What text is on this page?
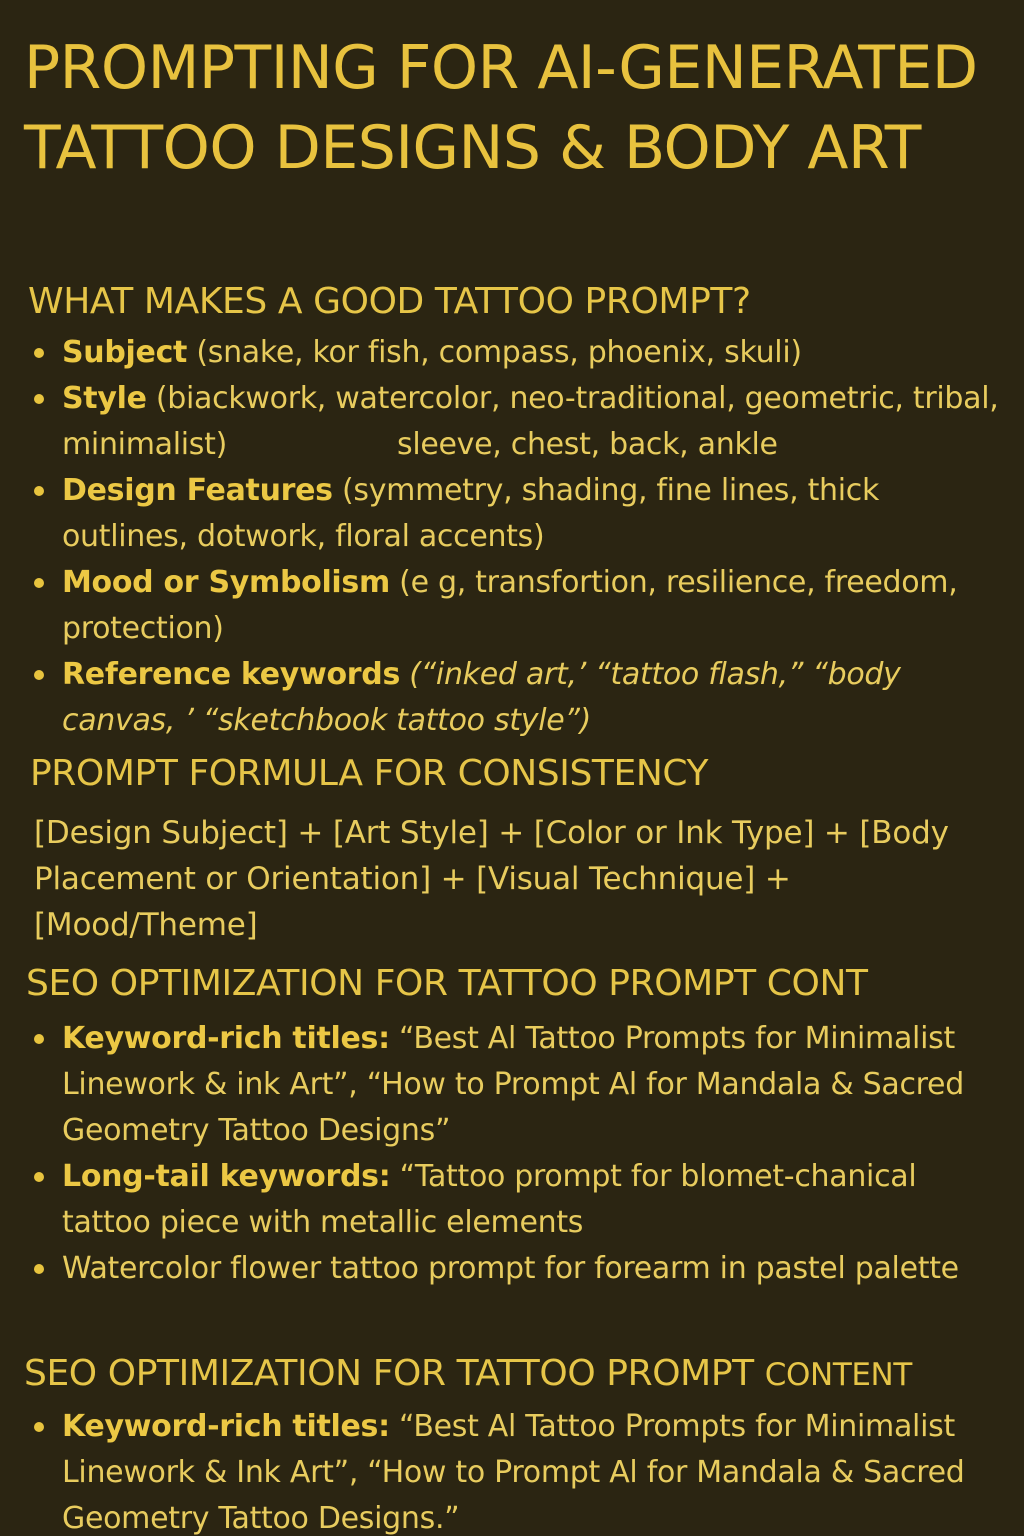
PROMPTING FOR AI-GENERATED TATTOO DESIGNS & BODY ART
WHAT MAKES A GOOD TATTOO PROMPT?
Subject (snake, kor fish, compass, phoenix, skuli)
Style (biackwork, watercolor, neo-traditional, geometric, tribal, minimalist)	sleeve, chest, back, ankle
Design Features (symmetry, shading, fine lines, thick outlines, dotwork, floral accents)
Mood or Symbolism (e g, transfortion, resilience, freedom, protection)
Reference keywords (“inked art,’ “tattoo flash,” “body canvas, ’ “sketchbook tattoo style”)
PROMPT FORMULA FOR CONSISTENCY

[Design Subject] + [Art Style] + [Color or Ink Type] + [Body Placement or Orientation] + [Visual Technique] + [Mood/Theme]

SEO OPTIMIZATION FOR TATTOO PROMPT CONT
Keyword-rich titles: “Best Al Tattoo Prompts for Minimalist Linework & ink Art”, “How to Prompt Al for Mandala & Sacred Geometry Tattoo Designs”
Long-tail keywords: “Tattoo prompt for blomet-chanical tattoo piece with metallic elements
Watercolor flower tattoo prompt for forearm in pastel palette
SEO OPTIMIZATION FOR TATTOO PROMPT CONTENT
Keyword-rich titles: “Best Al Tattoo Prompts for Minimalist Linework & Ink Art”, “How to Prompt Al for Mandala & Sacred Geometry Tattoo Designs.”
